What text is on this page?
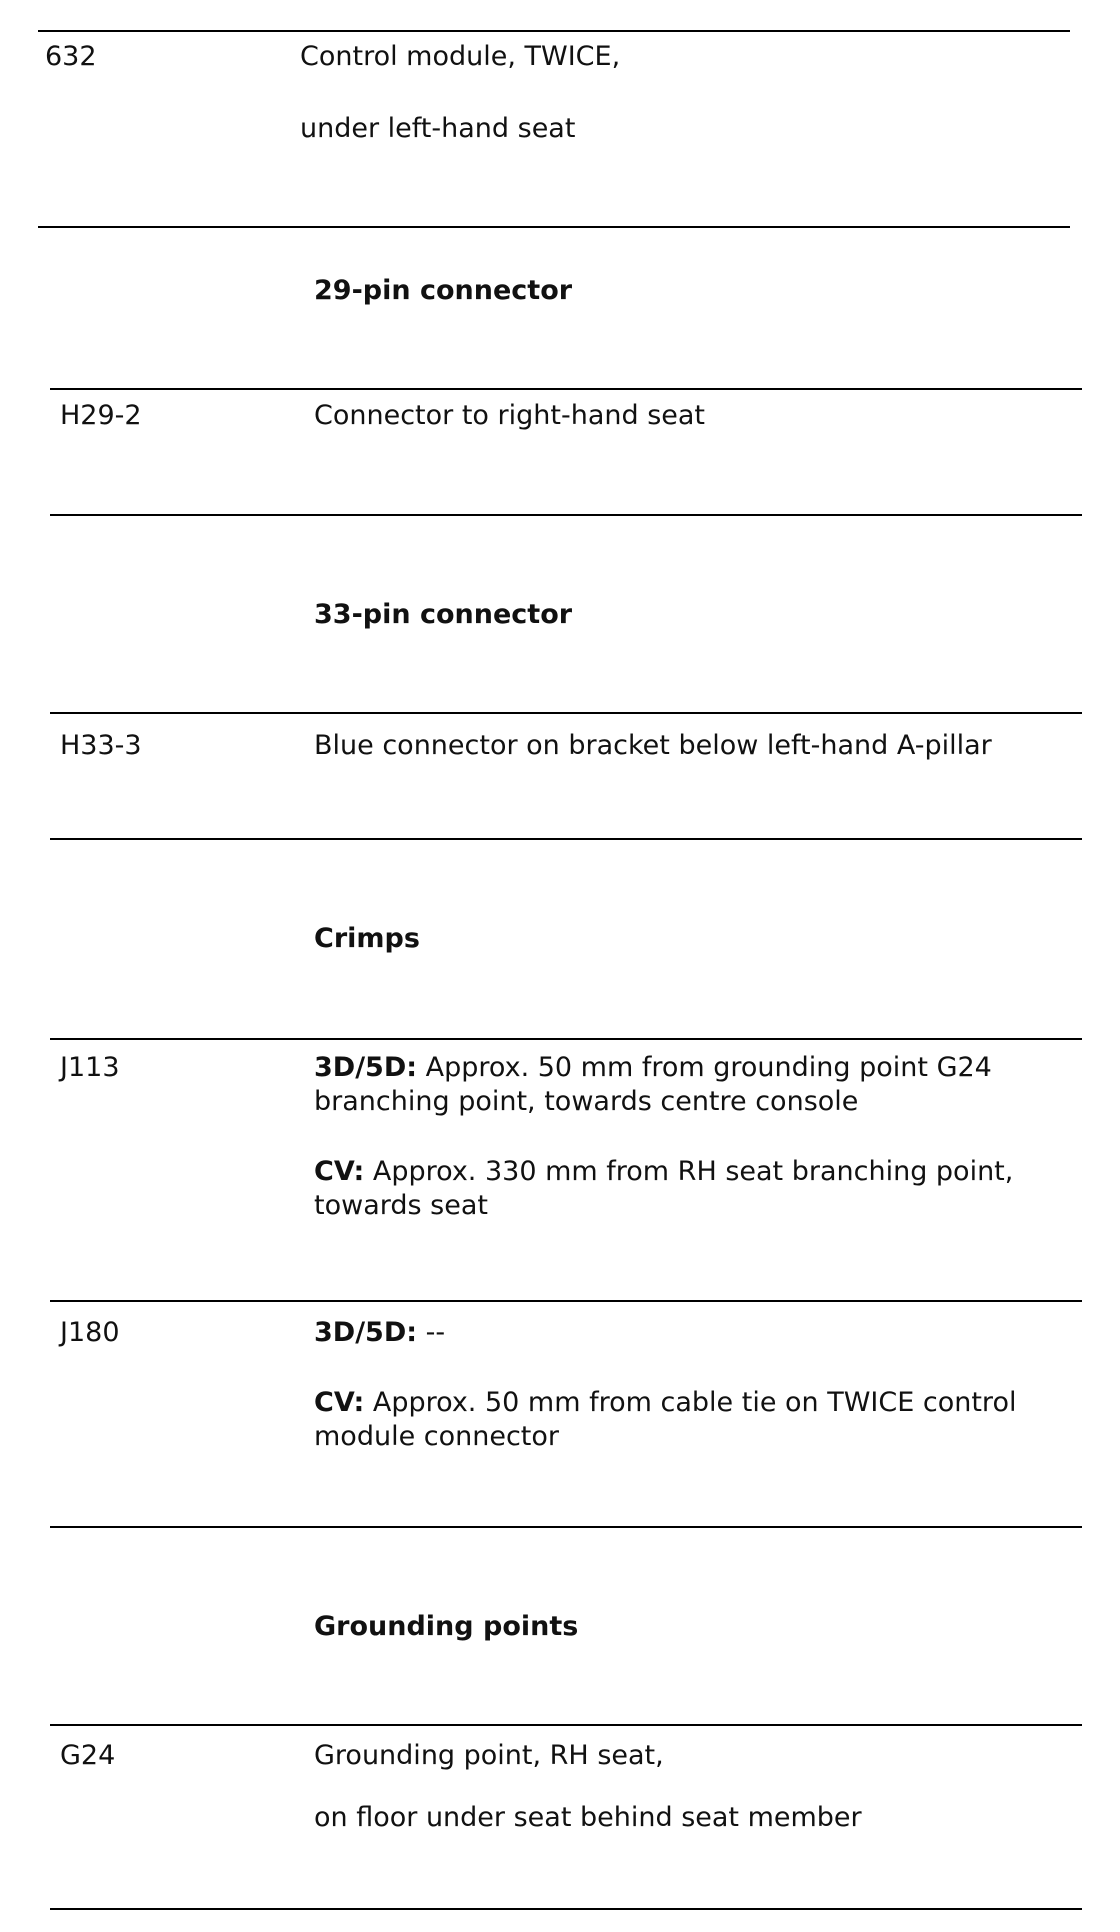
632	Control module, TWICE,
under left-hand seat
29-pin connector
H29-2	Connector to right-hand seat
33-pin connector
H33-3	Blue connector on bracket below left-hand A-pillar
Crimps
J113	3D/5D: Approx. 50 mm from grounding point G24 branching point, towards centre console
CV: Approx. 330 mm from RH seat branching point, towards seat
J180	3D/5D: --
CV: Approx. 50 mm from cable tie on TWICE control module connector
Grounding points
G24	Grounding point, RH seat,
on floor under seat behind seat member
